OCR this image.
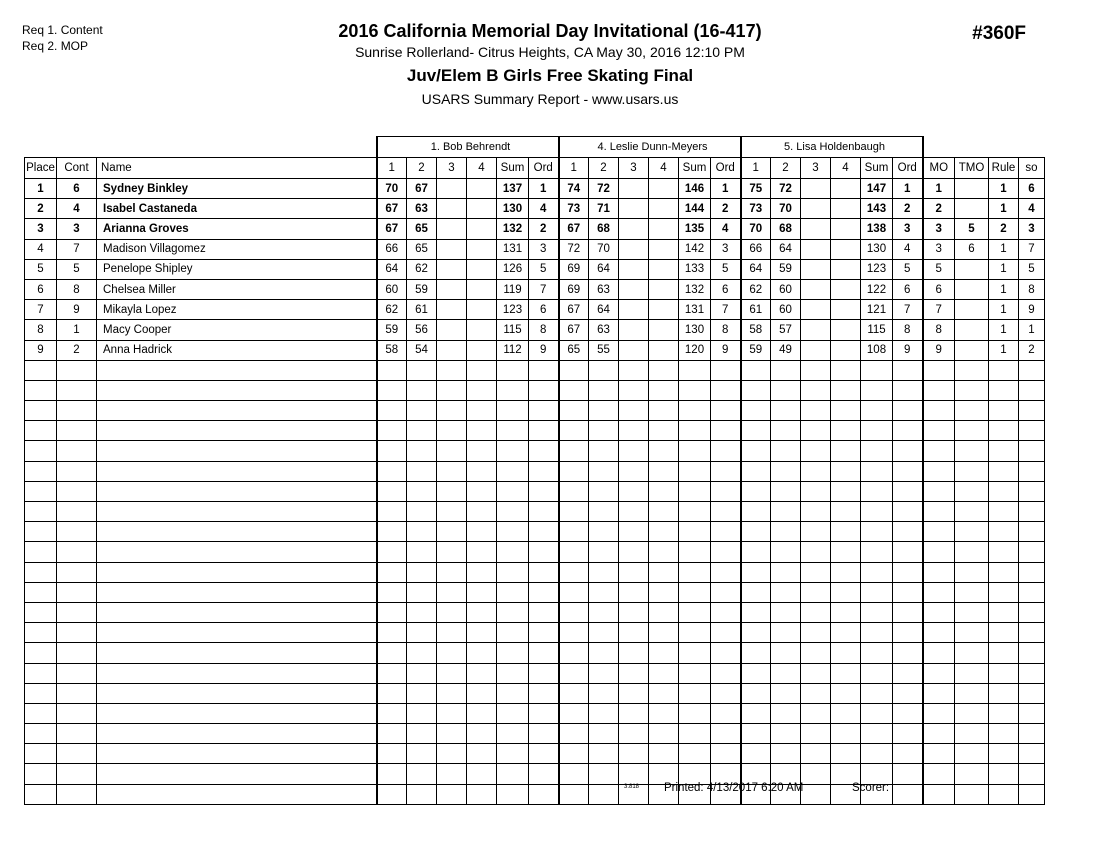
Req 1. Content
Req 2. MOP
#360F
2016 California Memorial Day Invitational (16-417)
Sunrise Rollerland- Citrus Heights, CA May 30, 2016 12:10 PM
Juv/Elem B Girls Free Skating Final
USARS Summary Report - www.usars.us
			1. Bob Behrendt						4. Leslie Dunn-Meyers						5. Lisa Holdenbaugh									
Place	Cont	Name	1	2	3	4	Sum	Ord	1	2	3	4	Sum	Ord	1	2	3	4	Sum	Ord	MO	TMO	Rule	so
1	6	Sydney Binkley	70	67			137	1	74	72			146	1	75	72			147	1	1		1	6
2	4	Isabel Castaneda	67	63			130	4	73	71			144	2	73	70			143	2	2		1	4
3	3	Arianna Groves	67	65			132	2	67	68			135	4	70	68			138	3	3	5	2	3
4	7	Madison Villagomez	66	65			131	3	72	70			142	3	66	64			130	4	3	6	1	7
5	5	Penelope Shipley	64	62			126	5	69	64			133	5	64	59			123	5	5		1	5
6	8	Chelsea Miller	60	59			119	7	69	63			132	6	62	60			122	6	6		1	8
7	9	Mikayla Lopez	62	61			123	6	67	64			131	7	61	60			121	7	7		1	9
8	1	Macy Cooper	59	56			115	8	67	63			130	8	58	57			115	8	8		1	1
9	2	Anna Hadrick	58	54			112	9	65	55			120	9	59	49			108	9	9		1	2

3.818 Printed: 4/13/2017 6:20 AM	Scorer:
